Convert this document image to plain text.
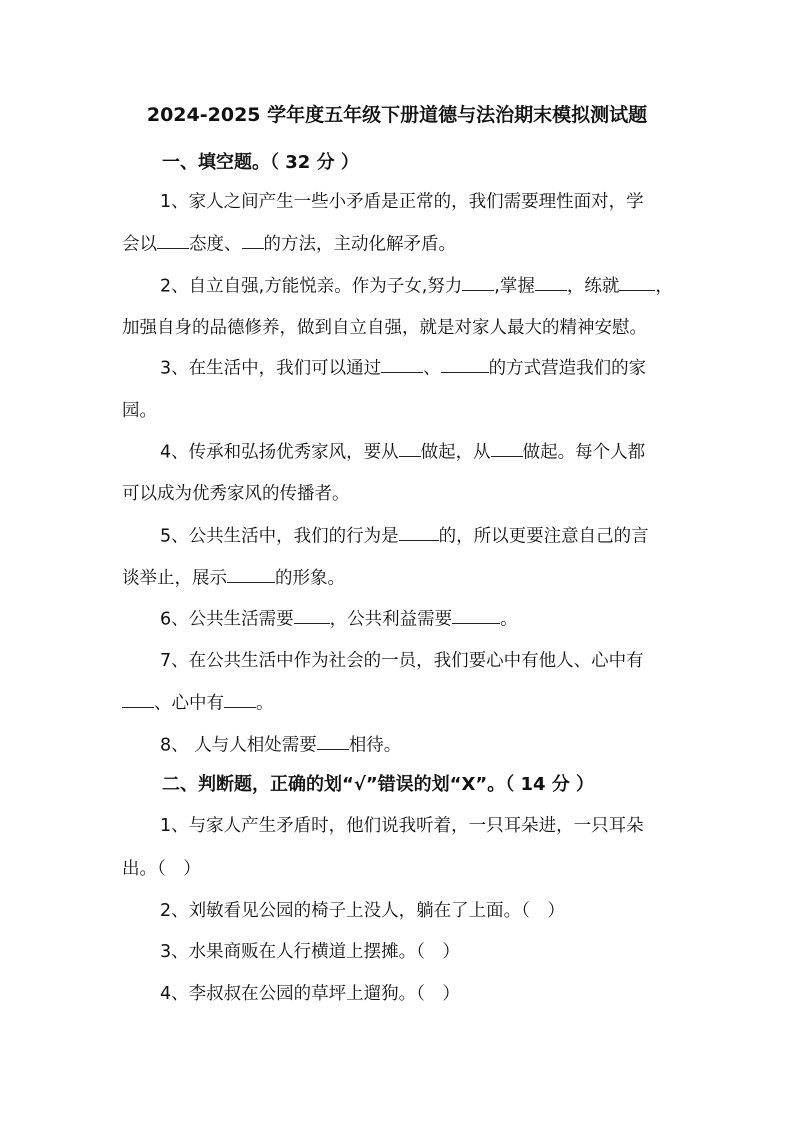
2024-2025 学年度五年级下册道德与法治期末模拟测试题
一、填空题。（ 32 分 ）
1、家人之间产生一些小矛盾是正常的，我们需要理性面对，学
会以 态度、 的方法，主动化解矛盾。
2、自立自强,方能悦亲。作为子女,努力 ,掌握 ，练就 ，
加强自身的品德修养，做到自立自强，就是对家人最大的精神安慰。
3、在生活中，我们可以通过 、	的方式营造我们的家
园。
4、传承和弘扬优秀家风，要从 做起，从 做起。每个人都
可以成为优秀家风的传播者。
5、公共生活中，我们的行为是 的，所以更要注意自己的言
谈举止，展示	的形象。
6、公共生活需要 ，公共利益需要	。
7、在公共生活中作为社会的一员，我们要心中有他人、心中有
、心中有 。
8、 人与人相处需要 相待。
二、判断题，正确的划“√”错误的划“X”。（ 14 分 ）
1、与家人产生矛盾时，他们说我听着，一只耳朵进，一只耳朵
出。（　）
2、刘敏看见公园的椅子上没人，躺在了上面。（　）
3、水果商贩在人行横道上摆摊。（　）
4、李叔叔在公园的草坪上遛狗。（　）
